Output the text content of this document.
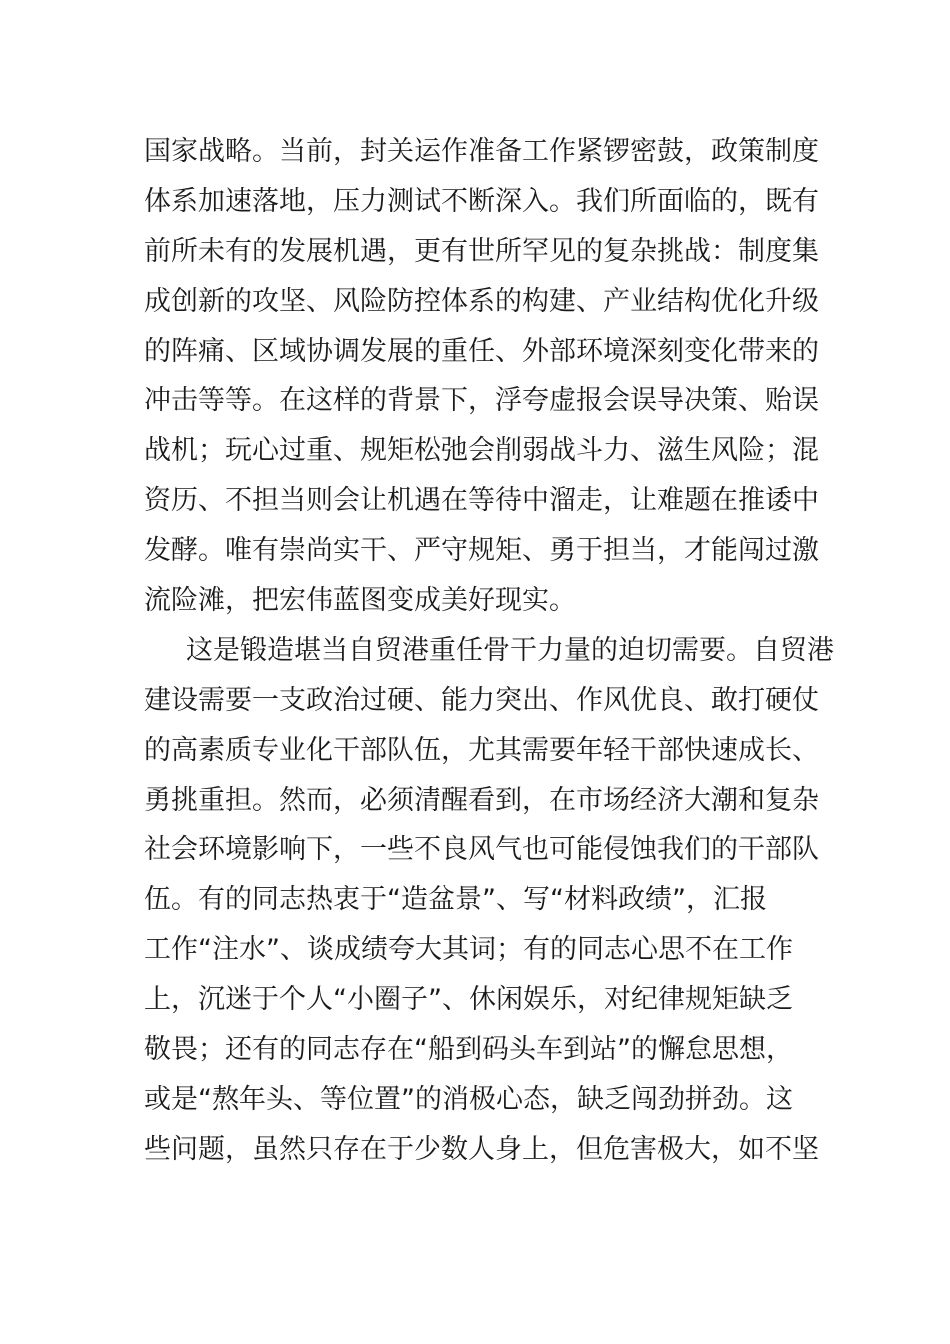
国家战略。当前，封关运作准备工作紧锣密鼓，政策制度
体系加速落地，压力测试不断深入。我们所面临的，既有
前所未有的发展机遇，更有世所罕见的复杂挑战：制度集
成创新的攻坚、风险防控体系的构建、产业结构优化升级
的阵痛、区域协调发展的重任、外部环境深刻变化带来的
冲击等等。在这样的背景下，浮夸虚报会误导决策、贻误
战机；玩心过重、规矩松弛会削弱战斗力、滋生风险；混
资历、不担当则会让机遇在等待中溜走，让难题在推诿中
发酵。唯有崇尚实干、严守规矩、勇于担当，才能闯过激
流险滩，把宏伟蓝图变成美好现实。
这是锻造堪当自贸港重任骨干力量的迫切需要。自贸港
建设需要一支政治过硬、能力突出、作风优良、敢打硬仗
的高素质专业化干部队伍，尤其需要年轻干部快速成长、
勇挑重担。然而，必须清醒看到，在市场经济大潮和复杂
社会环境影响下，一些不良风气也可能侵蚀我们的干部队
伍。有的同志热衷于“造盆景”、写“材料政绩”，汇报
工作“注水”、谈成绩夸大其词；有的同志心思不在工作
上，沉迷于个人“小圈子”、休闲娱乐，对纪律规矩缺乏
敬畏；还有的同志存在“船到码头车到站”的懈怠思想，
或是“熬年头、等位置”的消极心态，缺乏闯劲拼劲。这
些问题，虽然只存在于少数人身上，但危害极大，如不坚
